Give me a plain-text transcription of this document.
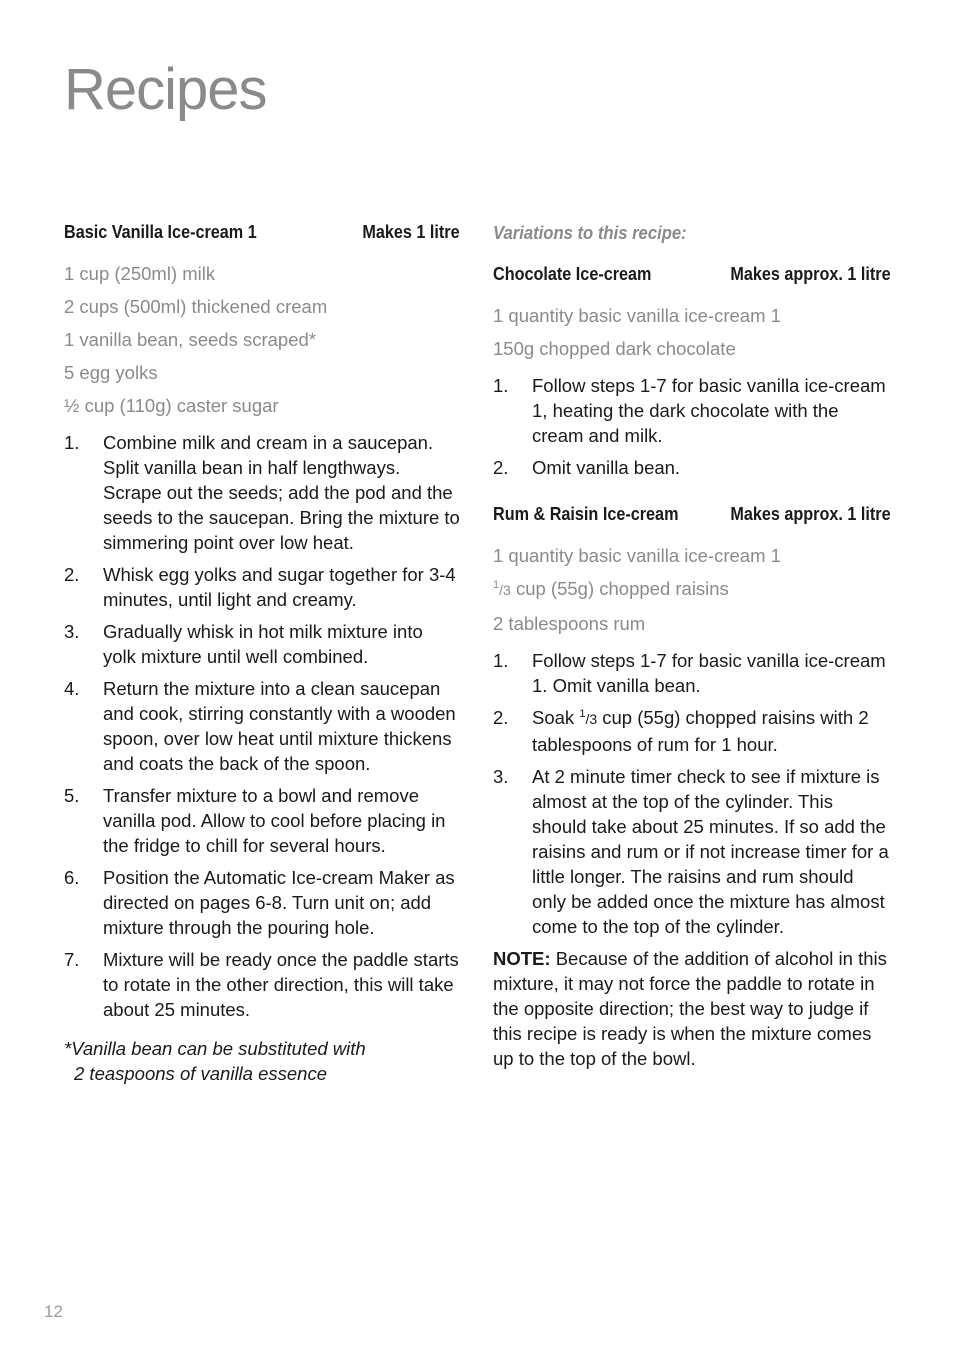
Recipes
Basic Vanilla Ice-cream 1	Makes 1 litre

1 cup (250ml) milk

2 cups (500ml) thickened cream

1 vanilla bean, seeds scraped*

5 egg yolks

½ cup (110g) caster sugar

1.	Combine milk and cream in a saucepan. Split vanilla bean in half lengthways. Scrape out the seeds; add the pod and the seeds to the saucepan. Bring the mixture to simmering point over low heat.
2.	Whisk egg yolks and sugar together for 3-4 minutes, until light and creamy.
3.	Gradually whisk in hot milk mixture into yolk mixture until well combined.
4.	Return the mixture into a clean saucepan and cook, stirring constantly with a wooden spoon, over low heat until mixture thickens and coats the back of the spoon.
5.	Transfer mixture to a bowl and remove vanilla pod. Allow to cool before placing in the fridge to chill for several hours.
6.	Position the Automatic Ice-cream Maker as directed on pages 6-8. Turn unit on; add mixture through the pouring hole.
7.	Mixture will be ready once the paddle starts to rotate in the other direction, this will take about 25 minutes.
*Vanilla bean can be substituted with
2 teaspoons of vanilla essence
Variations to this recipe:
Chocolate Ice-cream	Makes approx. 1 litre

1 quantity basic vanilla ice-cream 1

150g chopped dark chocolate

1.	Follow steps 1-7 for basic vanilla ice-cream 1, heating the dark chocolate with the cream and milk.
2.	Omit vanilla bean.
Rum & Raisin Ice-cream	Makes approx. 1 litre

1 quantity basic vanilla ice-cream 1

$^1$/3 cup (55g) chopped raisins

2 tablespoons rum

1.	Follow steps 1-7 for basic vanilla ice-cream 1. Omit vanilla bean.
2.	Soak $^1$/3 cup (55g) chopped raisins with 2 tablespoons of rum for 1 hour.
3.	At 2 minute timer check to see if mixture is almost at the top of the cylinder. This should take about 25 minutes. If so add the raisins and rum or if not increase timer for a little longer. The raisins and rum should only be added once the mixture has almost come to the top of the cylinder.
NOTE: Because of the addition of alcohol in this mixture, it may not force the paddle to rotate in the opposite direction; the best way to judge if this recipe is ready is when the mixture comes up to the top of the bowl.
12
